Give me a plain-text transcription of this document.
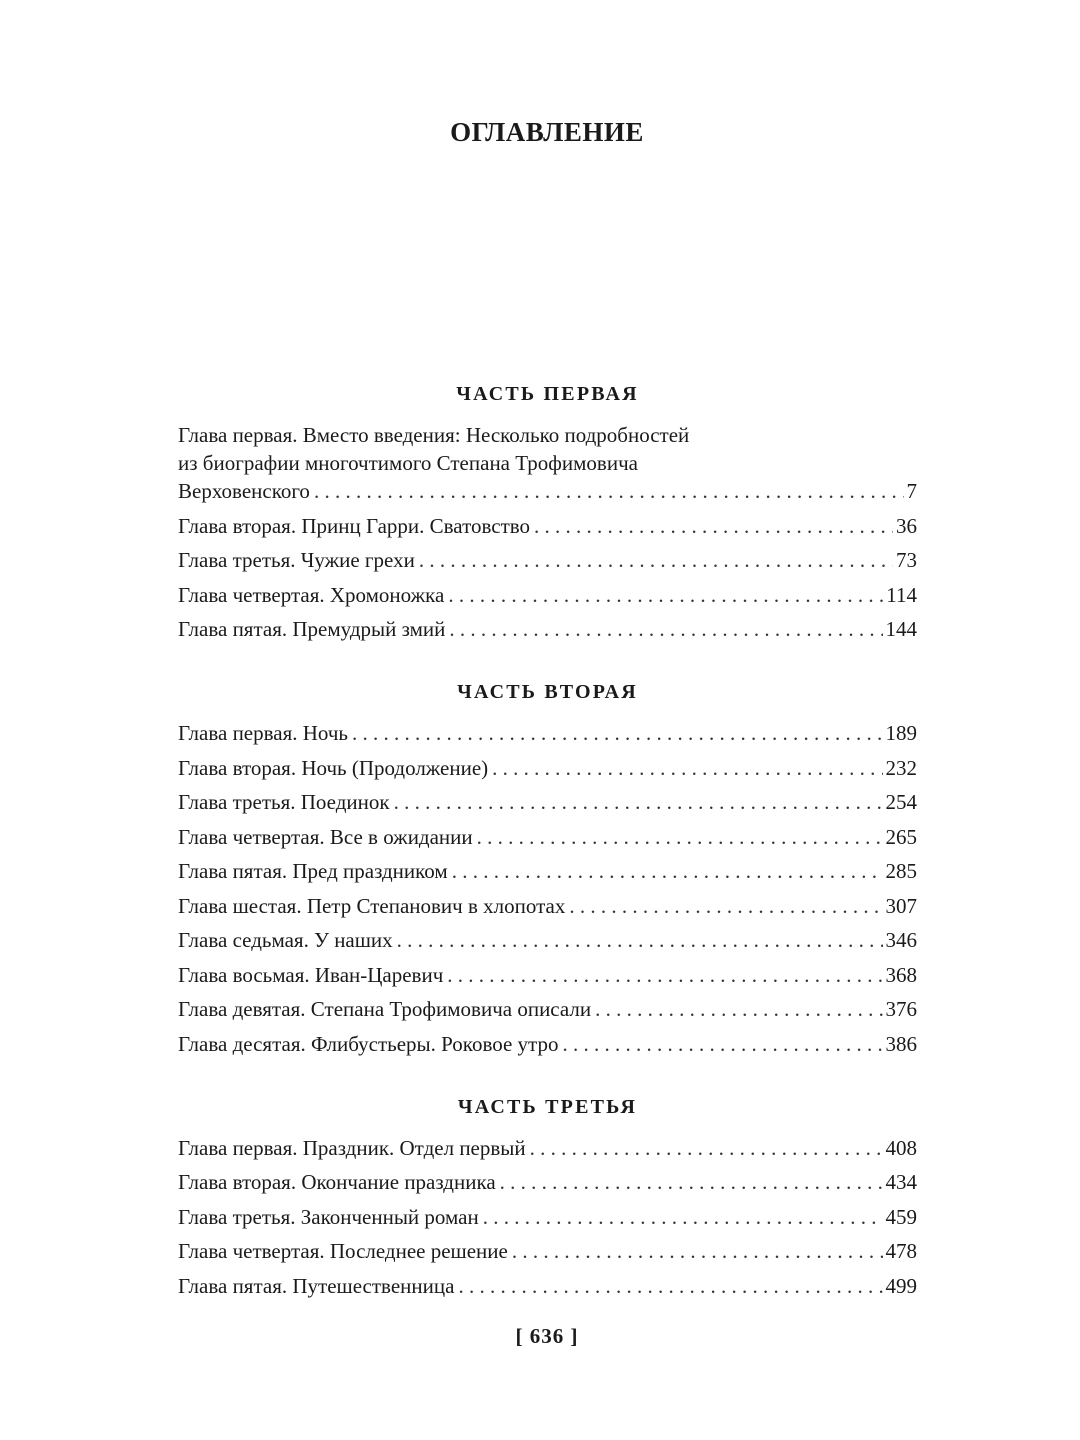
ОГЛАВЛЕНИЕ
ЧАСТЬ ПЕРВАЯ
Глава первая. Вместо введения: Несколько подробностей
из биографии многочтимого Степана Трофимовича
Верховенского . . .	7
Глава вторая. Принц Гарри. Сватовство . . .	36
Глава третья. Чужие грехи . . .	73
Глава четвертая. Хромоножка . . .	114
Глава пятая. Премудрый змий . . .	144
ЧАСТЬ ВТОРАЯ
Глава первая. Ночь . . .	189
Глава вторая. Ночь (Продолжение) . . .	232
Глава третья. Поединок . . .	254
Глава четвертая. Все в ожидании . . .	265
Глава пятая. Пред праздником . . .	285
Глава шестая. Петр Степанович в хлопотах . . .	307
Глава седьмая. У наших . . .	346
Глава восьмая. Иван-Царевич . . .	368
Глава девятая. Степана Трофимовича описали . . .	376
Глава десятая. Флибустьеры. Роковое утро . . .	386
ЧАСТЬ ТРЕТЬЯ
Глава первая. Праздник. Отдел первый . . .	408
Глава вторая. Окончание праздника . . .	434
Глава третья. Законченный роман . . .	459
Глава четвертая. Последнее решение . . .	478
Глава пятая. Путешественница . . .	499
[ 636 ]
